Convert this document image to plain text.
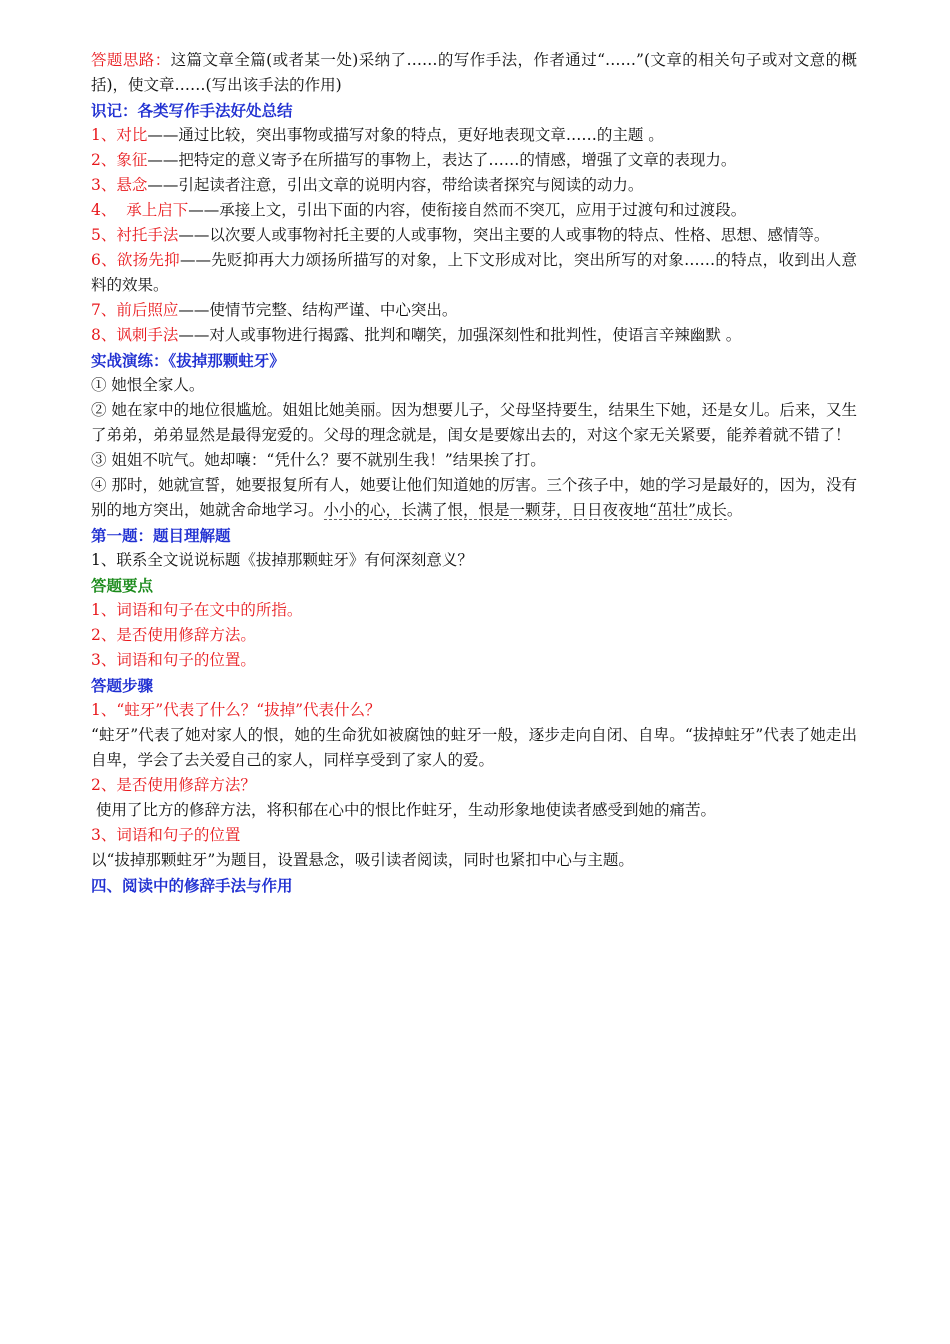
答题思路：这篇文章全篇(或者某一处)采纳了……的写作手法，作者通过“……”(文章的相关句子或对文意的概括)，使文章……(写出该手法的作用)

识记：各类写作手法好处总结

1、对比——通过比较，突出事物或描写对象的特点，更好地表现文章……的主题 。

2、象征——把特定的意义寄予在所描写的事物上，表达了……的情感，增强了文章的表现力。

3、悬念——引起读者注意，引出文章的说明内容，带给读者探究与阅读的动力。

4、  承上启下——承接上文，引出下面的内容，使衔接自然而不突兀，应用于过渡句和过渡段。

5、衬托手法——以次要人或事物衬托主要的人或事物，突出主要的人或事物的特点、性格、思想、感情等。

6、欲扬先抑——先贬抑再大力颂扬所描写的对象，上下文形成对比，突出所写的对象……的特点，收到出人意料的效果。

7、前后照应——使情节完整、结构严谨、中心突出。

8、讽刺手法——对人或事物进行揭露、批判和嘲笑，加强深刻性和批判性，使语言辛辣幽默 。

实战演练：《拔掉那颗蛀牙》

① 她恨全家人。

② 她在家中的地位很尴尬。姐姐比她美丽。因为想要儿子，父母坚持要生，结果生下她，还是女儿。后来，又生了弟弟，弟弟显然是最得宠爱的。父母的理念就是，闺女是要嫁出去的，对这个家无关紧要，能养着就不错了！

③ 姐姐不吭气。她却嚷：“凭什么？要不就别生我！”结果挨了打。

④ 那时，她就宣誓，她要报复所有人，她要让他们知道她的厉害。三个孩子中，她的学习是最好的，因为，没有别的地方突出，她就舍命地学习。小小的心，长满了恨，恨是一颗芽，日日夜夜地“茁壮”成长。

第一题：题目理解题

1、联系全文说说标题《拔掉那颗蛀牙》有何深刻意义？

答题要点

1、词语和句子在文中的所指。

2、是否使用修辞方法。

3、词语和句子的位置。

答题步骤

1、“蛀牙”代表了什么？“拔掉”代表什么？

“蛀牙”代表了她对家人的恨，她的生命犹如被腐蚀的蛀牙一般，逐步走向自闭、自卑。“拔掉蛀牙”代表了她走出自卑，学会了去关爱自己的家人，同样享受到了家人的爱。

2、是否使用修辞方法？

使用了比方的修辞方法，将积郁在心中的恨比作蛀牙，生动形象地使读者感受到她的痛苦。

3、词语和句子的位置

以“拔掉那颗蛀牙”为题目，设置悬念，吸引读者阅读，同时也紧扣中心与主题。

四、阅读中的修辞手法与作用
